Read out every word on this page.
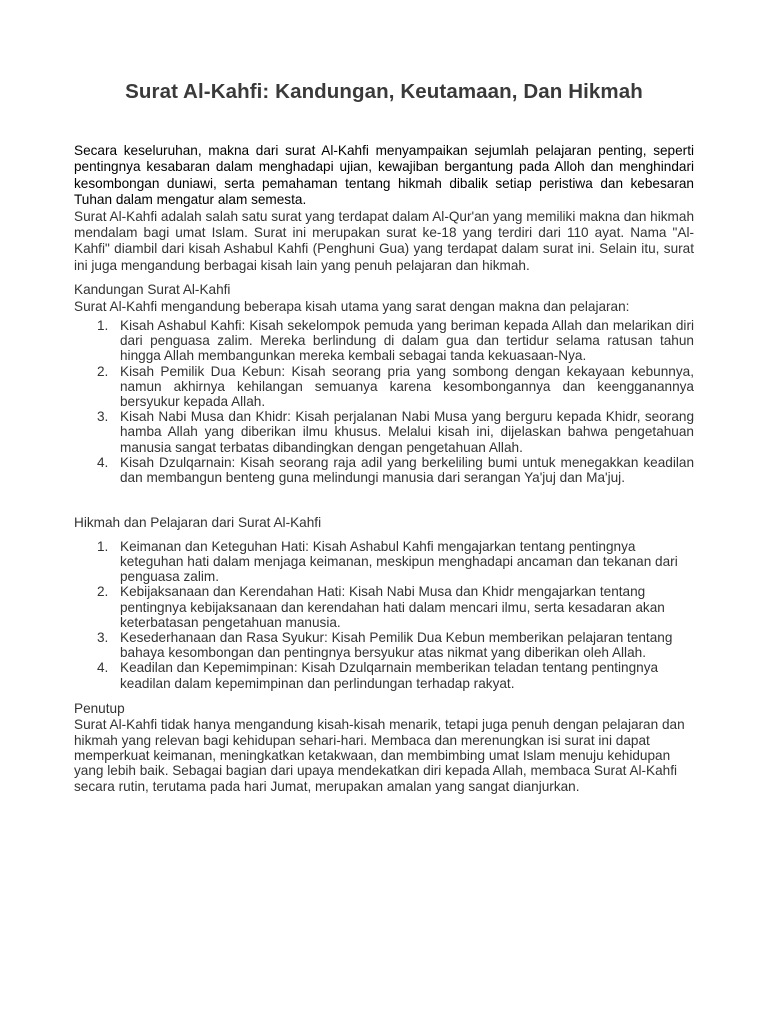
Surat Al-Kahfi: Kandungan, Keutamaan, Dan Hikmah

Secara keseluruhan, makna dari surat Al-Kahfi menyampaikan sejumlah pelajaran penting, seperti pentingnya kesabaran dalam menghadapi ujian, kewajiban bergantung pada Alloh dan menghindari kesombongan duniawi, serta pemahaman tentang hikmah dibalik setiap peristiwa dan kebesaran Tuhan dalam mengatur alam semesta.

Surat Al-Kahfi adalah salah satu surat yang terdapat dalam Al-Qur'an yang memiliki makna dan hikmah mendalam bagi umat Islam. Surat ini merupakan surat ke-18 yang terdiri dari 110 ayat. Nama "Al-Kahfi" diambil dari kisah Ashabul Kahfi (Penghuni Gua) yang terdapat dalam surat ini. Selain itu, surat ini juga mengandung berbagai kisah lain yang penuh pelajaran dan hikmah.

Kandungan Surat Al-Kahfi

Surat Al-Kahfi mengandung beberapa kisah utama yang sarat dengan makna dan pelajaran:

1. Kisah Ashabul Kahfi: Kisah sekelompok pemuda yang beriman kepada Allah dan melarikan diri dari penguasa zalim. Mereka berlindung di dalam gua dan tertidur selama ratusan tahun hingga Allah membangunkan mereka kembali sebagai tanda kekuasaan-Nya.
2. Kisah Pemilik Dua Kebun: Kisah seorang pria yang sombong dengan kekayaan kebunnya, namun akhirnya kehilangan semuanya karena kesombongannya dan keengganannya bersyukur kepada Allah.
3. Kisah Nabi Musa dan Khidr: Kisah perjalanan Nabi Musa yang berguru kepada Khidr, seorang hamba Allah yang diberikan ilmu khusus. Melalui kisah ini, dijelaskan bahwa pengetahuan manusia sangat terbatas dibandingkan dengan pengetahuan Allah.
4. Kisah Dzulqarnain: Kisah seorang raja adil yang berkeliling bumi untuk menegakkan keadilan dan membangun benteng guna melindungi manusia dari serangan Ya'juj dan Ma'juj.

Hikmah dan Pelajaran dari Surat Al-Kahfi

1. Keimanan dan Keteguhan Hati: Kisah Ashabul Kahfi mengajarkan tentang pentingnya keteguhan hati dalam menjaga keimanan, meskipun menghadapi ancaman dan tekanan dari penguasa zalim.
2. Kebijaksanaan dan Kerendahan Hati: Kisah Nabi Musa dan Khidr mengajarkan tentang pentingnya kebijaksanaan dan kerendahan hati dalam mencari ilmu, serta kesadaran akan keterbatasan pengetahuan manusia.
3. Kesederhanaan dan Rasa Syukur: Kisah Pemilik Dua Kebun memberikan pelajaran tentang bahaya kesombongan dan pentingnya bersyukur atas nikmat yang diberikan oleh Allah.
4. Keadilan dan Kepemimpinan: Kisah Dzulqarnain memberikan teladan tentang pentingnya keadilan dalam kepemimpinan dan perlindungan terhadap rakyat.

Penutup

Surat Al-Kahfi tidak hanya mengandung kisah-kisah menarik, tetapi juga penuh dengan pelajaran dan hikmah yang relevan bagi kehidupan sehari-hari. Membaca dan merenungkan isi surat ini dapat memperkuat keimanan, meningkatkan ketakwaan, dan membimbing umat Islam menuju kehidupan yang lebih baik. Sebagai bagian dari upaya mendekatkan diri kepada Allah, membaca Surat Al-Kahfi secara rutin, terutama pada hari Jumat, merupakan amalan yang sangat dianjurkan.
